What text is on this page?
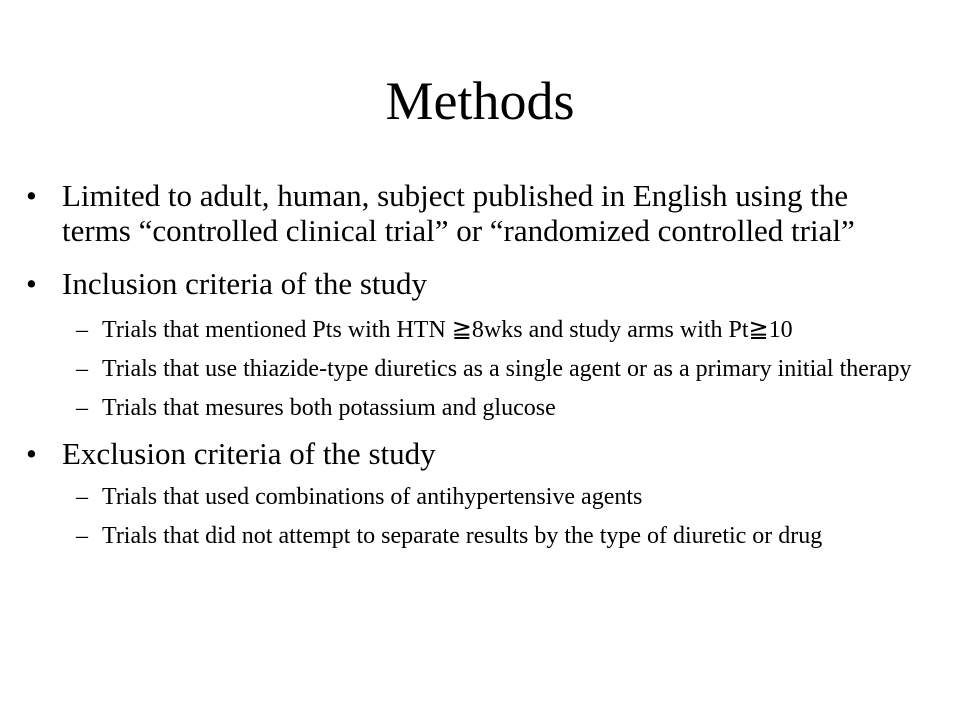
Methods
• Limited to adult, human, subject published in English using the terms “controlled clinical trial” or “randomized controlled trial”
• Inclusion criteria of the study
– Trials that mentioned Pts with HTN ≧8wks and study arms with Pt≧10
– Trials that use thiazide-type diuretics as a single agent or as a primary initial therapy
– Trials that mesures both potassium and glucose
• Exclusion criteria of the study
– Trials that used combinations of antihypertensive agents
– Trials that did not attempt to separate results by the type of diuretic or drug
